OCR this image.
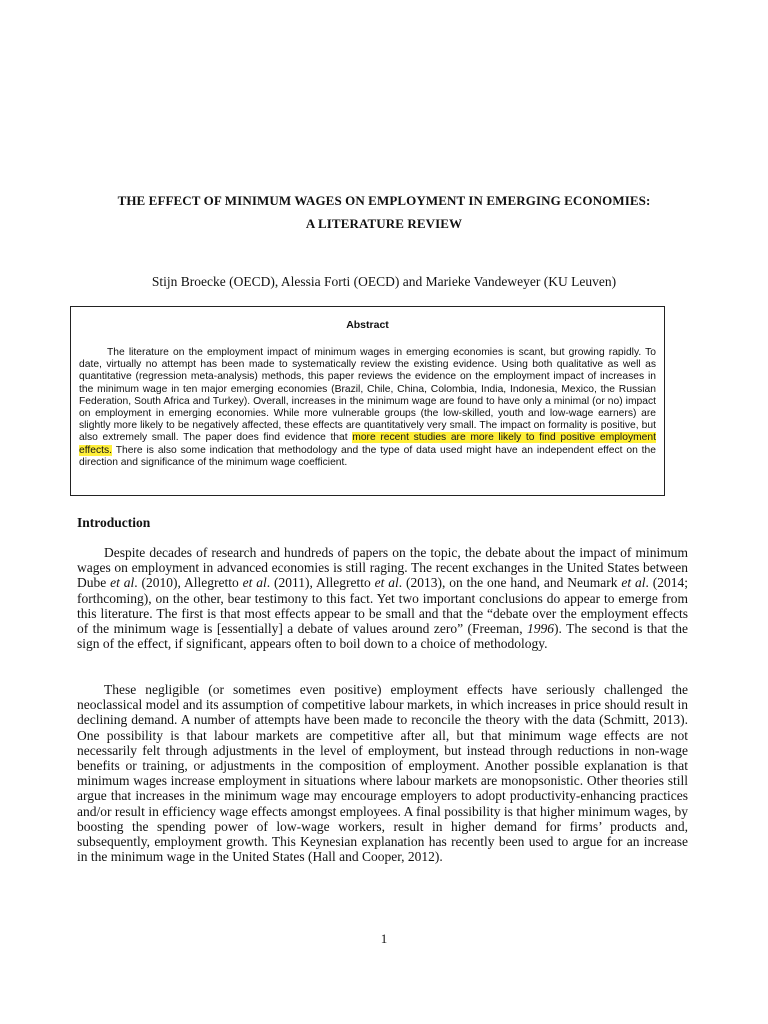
THE EFFECT OF MINIMUM WAGES ON EMPLOYMENT IN EMERGING ECONOMIES:
A LITERATURE REVIEW
Stijn Broecke (OECD), Alessia Forti (OECD) and Marieke Vandeweyer (KU Leuven)
Abstract

The literature on the employment impact of minimum wages in emerging economies is scant, but growing rapidly. To date, virtually no attempt has been made to systematically review the existing evidence. Using both qualitative as well as quantitative (regression meta-analysis) methods, this paper reviews the evidence on the employment impact of increases in the minimum wage in ten major emerging economies (Brazil, Chile, China, Colombia, India, Indonesia, Mexico, the Russian Federation, South Africa and Turkey). Overall, increases in the minimum wage are found to have only a minimal (or no) impact on employment in emerging economies. While more vulnerable groups (the low-skilled, youth and low-wage earners) are slightly more likely to be negatively affected, these effects are quantitatively very small. The impact on formality is positive, but also extremely small. The paper does find evidence that more recent studies are more likely to find positive employment effects. There is also some indication that methodology and the type of data used might have an independent effect on the direction and significance of the minimum wage coefficient.

Introduction

Despite decades of research and hundreds of papers on the topic, the debate about the impact of minimum wages on employment in advanced economies is still raging. The recent exchanges in the United States between Dube et al. (2010), Allegretto et al. (2011), Allegretto et al. (2013), on the one hand, and Neumark et al. (2014; forthcoming), on the other, bear testimony to this fact. Yet two important conclusions do appear to emerge from this literature. The first is that most effects appear to be small and that the “debate over the employment effects of the minimum wage is [essentially] a debate of values around zero” (Freeman, 1996). The second is that the sign of the effect, if significant, appears often to boil down to a choice of methodology.

These negligible (or sometimes even positive) employment effects have seriously challenged the neoclassical model and its assumption of competitive labour markets, in which increases in price should result in declining demand. A number of attempts have been made to reconcile the theory with the data (Schmitt, 2013). One possibility is that labour markets are competitive after all, but that minimum wage effects are not necessarily felt through adjustments in the level of employment, but instead through reductions in non-wage benefits or training, or adjustments in the composition of employment. Another possible explanation is that minimum wages increase employment in situations where labour markets are monopsonistic. Other theories still argue that increases in the minimum wage may encourage employers to adopt productivity-enhancing practices and/or result in efficiency wage effects amongst employees. A final possibility is that higher minimum wages, by boosting the spending power of low-wage workers, result in higher demand for firms’ products and, subsequently, employment growth. This Keynesian explanation has recently been used to argue for an increase in the minimum wage in the United States (Hall and Cooper, 2012).

1
